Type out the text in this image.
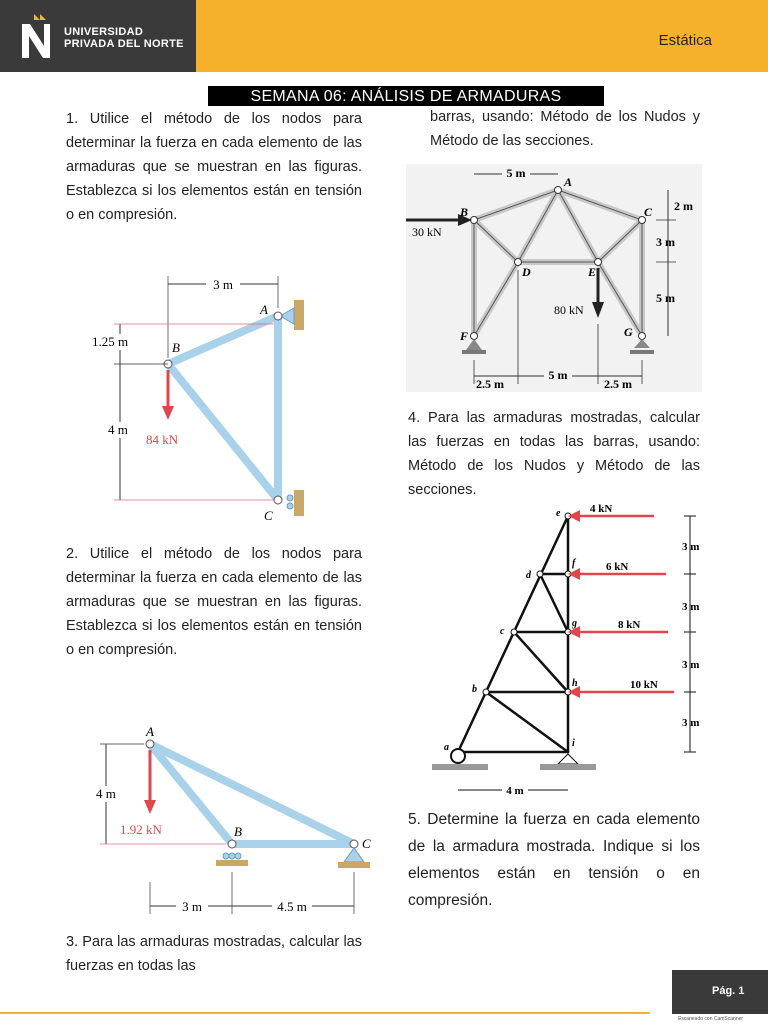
UNIVERSIDAD
PRIVADA DEL NORTE	Estática
SEMANA 06: ANÁLISIS DE ARMADURAS
1. Utilice el método de los nodos para determinar la fuerza en cada elemento de las armaduras que se muestran en las figuras. Establezca si los elementos están en tensión o en compresión.
3 m
1.25 m
4 m
84 kN
A
B
C
2. Utilice el método de los nodos para determinar la fuerza en cada elemento de las armaduras que se muestran en las figuras. Establezca si los elementos están en tensión o en compresión.
4 m
1.92 kN
3 m	4.5 m
A
B
C
3. Para las armaduras mostradas, calcular las fuerzas en todas las
barras, usando: Método de los Nudos y Método de las secciones.
30 kN
80 kN
5 m
2 m
3 m
5 m
2.5 m
5 m
2.5 m
A
B	C
D	E
F	G
4. Para las armaduras mostradas, calcular las fuerzas en todas las barras, usando: Método de los Nudos y Método de las secciones.
4 kN
6 kN
8 kN
10 kN
3 m
3 m
3 m
3 m
4 m
a
b
c
d
e
f
g
h
i
5. Determine la fuerza en cada elemento de la armadura mostrada. Indique si los elementos están en tensión o en compresión.
Pág. 1
Escaneado con CamScanner
